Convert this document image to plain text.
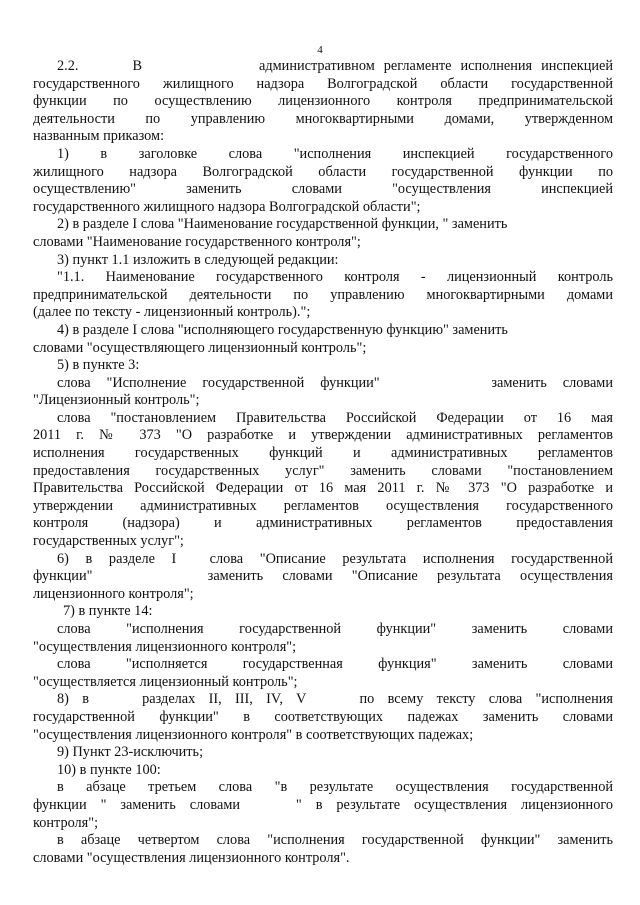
4
2.2.      В             административном регламенте исполнения инспекцией
государственного жилищного надзора Волгоградской области государственной
функции по осуществлению лицензионного контроля предпринимательской
деятельности по управлению многоквартирными домами, утвержденном
названным приказом:
1) в заголовке слова "исполнения инспекцией государственного
жилищного надзора Волгоградской области государственной функции по
осуществлению" заменить словами "осуществления инспекцией
государственного жилищного надзора Волгоградской области";
2) в разделе I слова "Наименование государственной функции, " заменить
словами "Наименование государственного контроля";
3) пункт 1.1 изложить в следующей редакции:
"1.1. Наименование государственного контроля - лицензионный контроль
предпринимательской деятельности по управлению многоквартирными домами
(далее по тексту - лицензионный контроль).";
4) в разделе I слова "исполняющего государственную функцию" заменить
словами "осуществляющего лицензионный контроль";
5) в пункте 3:
слова "Исполнение государственной функции"       заменить словами
"Лицензионный контроль";
слова "постановлением Правительства Российской Федерации от 16 мая
2011 г. № 373 "О разработке и утверждении административных регламентов
исполнения государственных функций и административных регламентов
предоставления государственных услуг" заменить словами "постановлением
Правительства Российской Федерации от 16 мая 2011 г. № 373 "О разработке и
утверждении административных регламентов осуществления государственного
контроля (надзора) и административных регламентов предоставления
государственных услуг";
6) в разделе I  слова "Описание результата исполнения государственной
функции"      заменить словами "Описание результата осуществления
лицензионного контроля";
7) в пункте 14:
слова "исполнения государственной функции" заменить словами
"осуществления лицензионного контроля";
слова "исполняется государственная функция" заменить словами
"осуществляется лицензионный контроль";
8) в    разделах II, III, IV, V    по всему тексту слова "исполнения
государственной функции" в соответствующих падежах заменить словами
"осуществления лицензионного контроля" в соответствующих падежах;
9) Пункт 23-исключить;
10) в пункте 100:
в абзаце третьем слова "в результате осуществления государственной
функции " заменить словами    " в результате осуществления лицензионного
контроля";
в абзаце четвертом слова "исполнения государственной функции" заменить
словами "осуществления лицензионного контроля".
